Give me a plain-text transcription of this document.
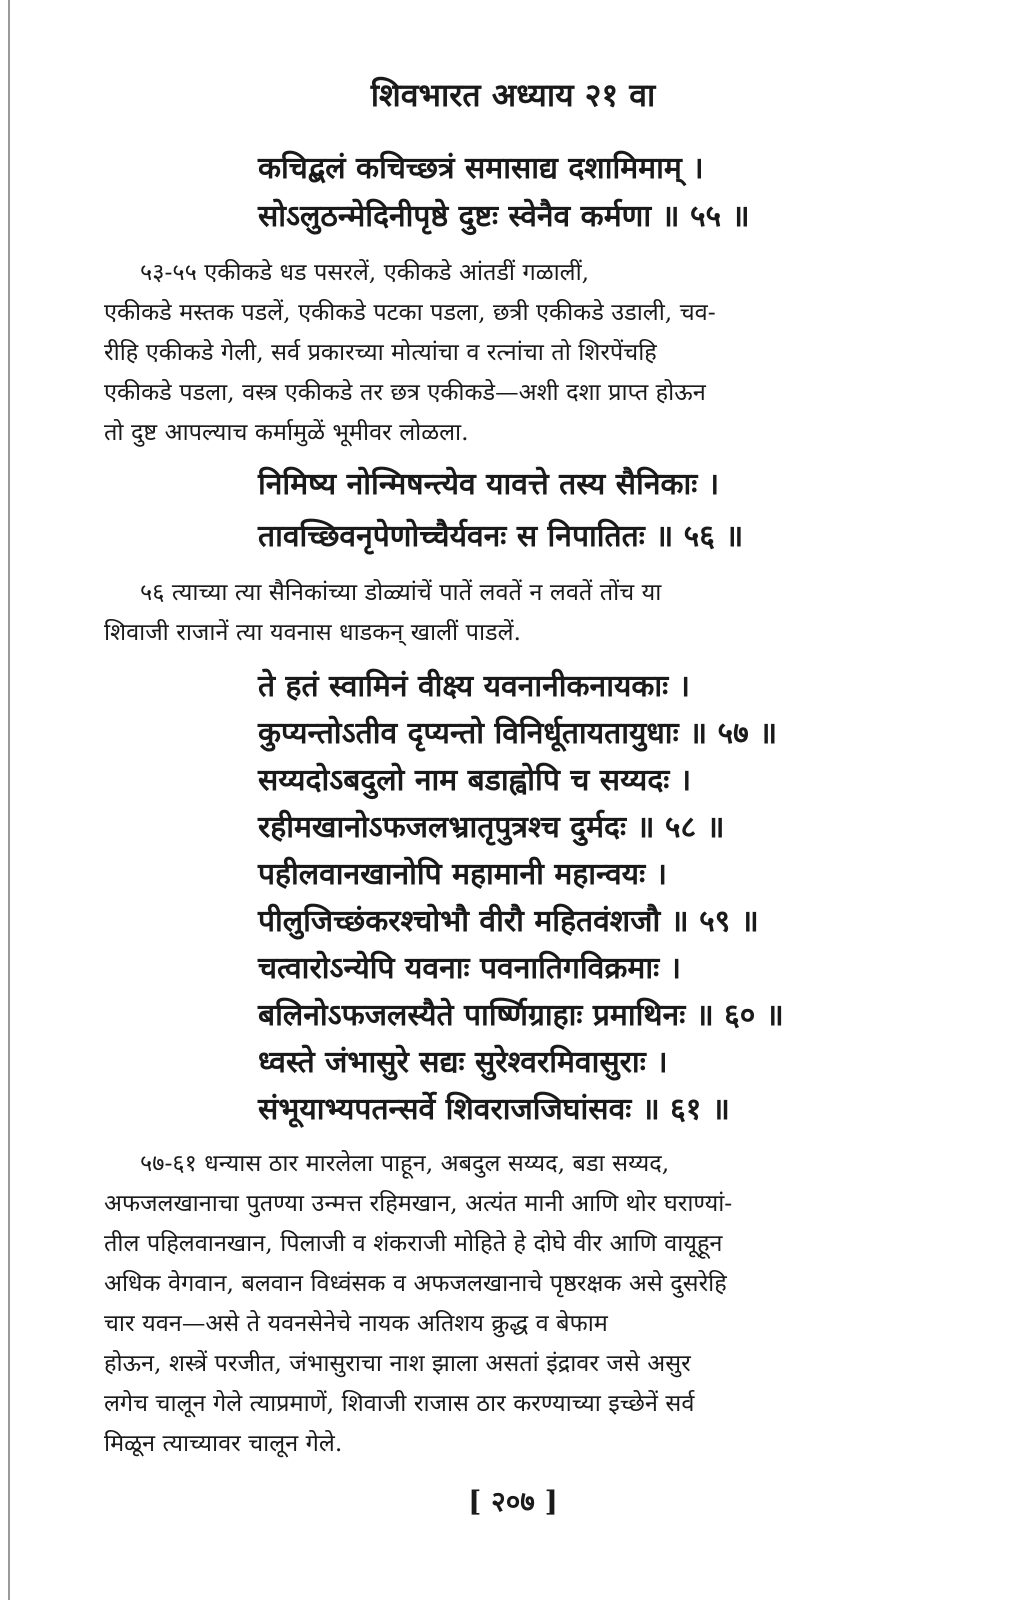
शिवभारत अध्याय २१ वा
कचिद्बलं कचिच्छत्रं समासाद्य दशामिमाम् ।
सोऽलुठन्मेदिनीपृष्ठे दुष्टः स्वेनैव कर्मणा ॥ ५५ ॥
५३-५५ एकीकडे धड पसरलें, एकीकडे आंतडीं गळालीं,
एकीकडे मस्तक पडलें, एकीकडे पटका पडला, छत्री एकीकडे उडाली, चव-
रीहि एकीकडे गेली, सर्व प्रकारच्या मोत्यांचा व रत्नांचा तो शिरपेंचहि
एकीकडे पडला, वस्त्र एकीकडे तर छत्र एकीकडे—अशी दशा प्राप्त होऊन
तो दुष्ट आपल्याच कर्मामुळें भूमीवर लोळला.
निमिष्य नोन्मिषन्त्येव यावत्ते तस्य सैनिकाः ।
तावच्छिवनृपेणोच्चैर्यवनः स निपातितः ॥ ५६ ॥
५६ त्याच्या त्या सैनिकांच्या डोळ्यांचें पातें लवतें न लवतें तोंच या
शिवाजी राजानें त्या यवनास धाडकन् खालीं पाडलें.
ते हतं स्वामिनं वीक्ष्य यवनानीकनायकाः ।
कुप्यन्तोऽतीव दृप्यन्तो विनिर्धूतायतायुधाः ॥ ५७ ॥
सय्यदोऽबदुलो नाम बडाह्वोपि च सय्यदः ।
रहीमखानोऽफजलभ्रातृपुत्रश्च दुर्मदः ॥ ५८ ॥
पहीलवानखानोपि महामानी महान्वयः ।
पीलुजिच्छंकरश्चोभौ वीरौ महितवंशजौ ॥ ५९ ॥
चत्वारोऽन्येपि यवनाः पवनातिगविक्रमाः ।
बलिनोऽफजलस्यैते पार्ष्णिग्राहाः प्रमाथिनः ॥ ६० ॥
ध्वस्ते जंभासुरे सद्यः सुरेश्वरमिवासुराः ।
संभूयाभ्यपतन्सर्वे शिवराजजिघांसवः ॥ ६१ ॥
५७-६१ धन्यास ठार मारलेला पाहून, अबदुल सय्यद, बडा सय्यद,
अफजलखानाचा पुतण्या उन्मत्त रहिमखान, अत्यंत मानी आणि थोर घराण्यां-
तील पहिलवानखान, पिलाजी व शंकराजी मोहिते हे दोघे वीर आणि वायूहून
अधिक वेगवान, बलवान विध्वंसक व अफजलखानाचे पृष्ठरक्षक असे दुसरेहि
चार यवन—असे ते यवनसेनेचे नायक अतिशय क्रुद्ध व बेफाम
होऊन, शस्त्रें परजीत, जंभासुराचा नाश झाला असतां इंद्रावर जसे असुर
लगेच चालून गेले त्याप्रमाणें, शिवाजी राजास ठार करण्याच्या इच्छेनें सर्व
मिळून त्याच्यावर चालून गेले.
[ २०७ ]
